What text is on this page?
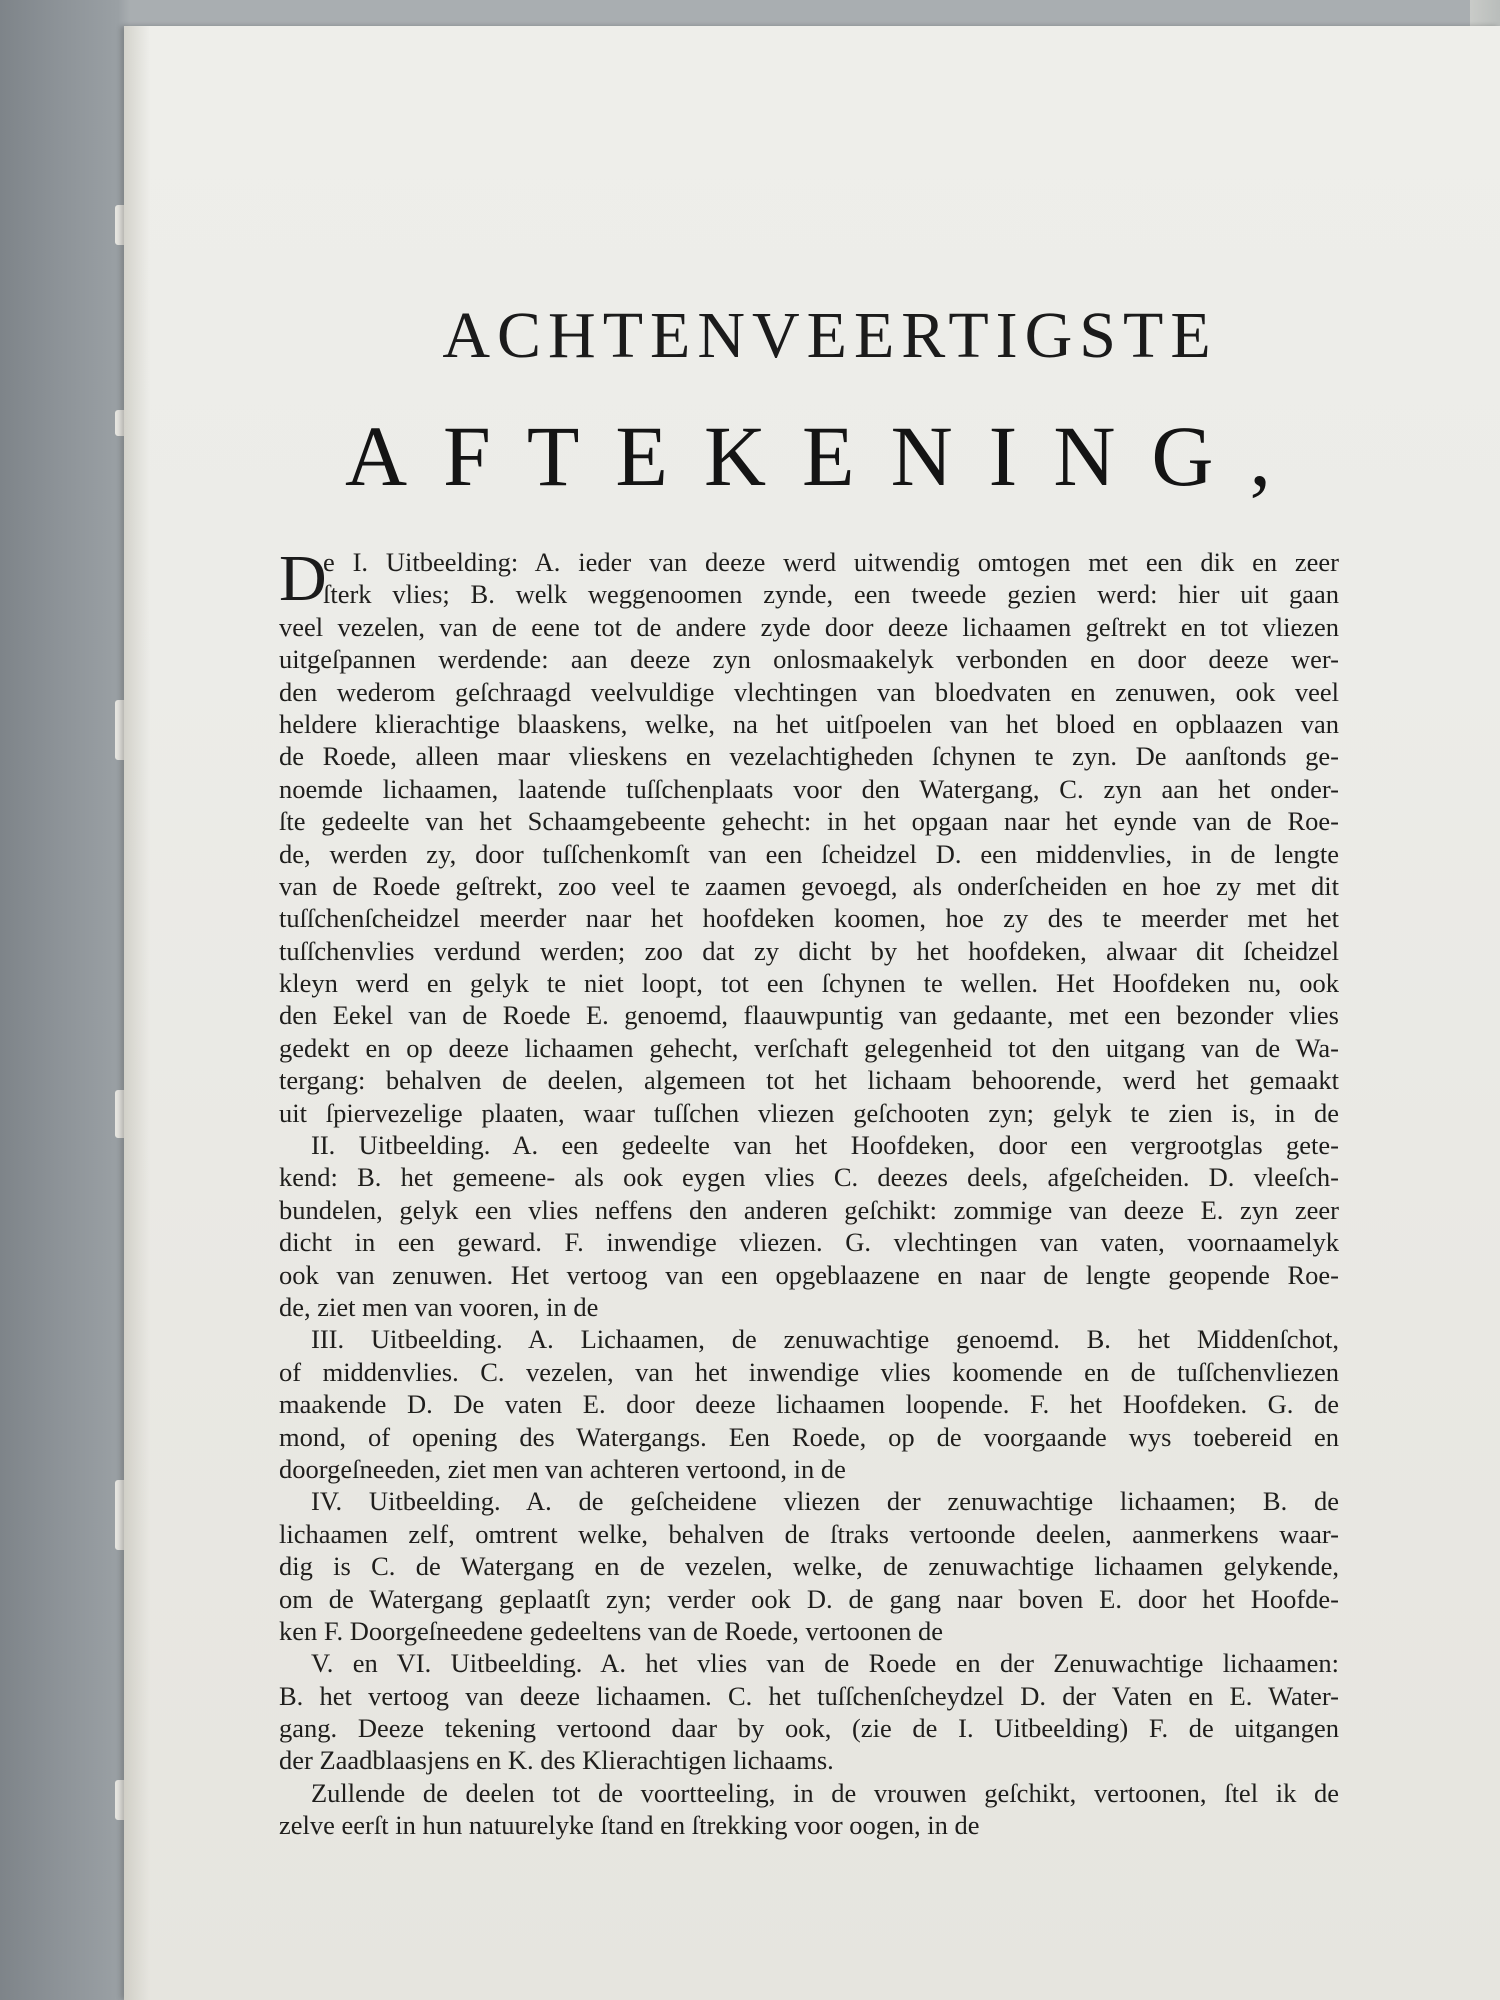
ACHTENVEERTIGSTE
AFTEKENING,
D
e I. Uitbeelding: A. ieder van deeze werd uitwendig omtogen met een dik en zeer
ſterk vlies; B. welk weggenoomen zynde, een tweede gezien werd: hier uit gaan
veel vezelen, van de eene tot de andere zyde door deeze lichaamen geſtrekt en tot vliezen
uitgeſpannen werdende: aan deeze zyn onlosmaakelyk verbonden en door deeze wer-
den wederom geſchraagd veelvuldige vlechtingen van bloedvaten en zenuwen, ook veel
heldere klierachtige blaaskens, welke, na het uitſpoelen van het bloed en opblaazen van
de Roede, alleen maar vlieskens en vezelachtigheden ſchynen te zyn. De aanſtonds ge-
noemde lichaamen, laatende tuſſchenplaats voor den Watergang, C. zyn aan het onder-
ſte gedeelte van het Schaamgebeente gehecht: in het opgaan naar het eynde van de Roe-
de, werden zy, door tuſſchenkomſt van een ſcheidzel D. een middenvlies, in de lengte
van de Roede geſtrekt, zoo veel te zaamen gevoegd, als onderſcheiden en hoe zy met dit
tuſſchenſcheidzel meerder naar het hoofdeken koomen, hoe zy des te meerder met het
tuſſchenvlies verdund werden; zoo dat zy dicht by het hoofdeken, alwaar dit ſcheidzel
kleyn werd en gelyk te niet loopt, tot een ſchynen te wellen. Het Hoofdeken nu, ook
den Eekel van de Roede E. genoemd, flaauwpuntig van gedaante, met een bezonder vlies
gedekt en op deeze lichaamen gehecht, verſchaft gelegenheid tot den uitgang van de Wa-
tergang: behalven de deelen, algemeen tot het lichaam behoorende, werd het gemaakt
uit ſpiervezelige plaaten, waar tuſſchen vliezen geſchooten zyn; gelyk te zien is, in de
II. Uitbeelding. A. een gedeelte van het Hoofdeken, door een vergrootglas gete-
kend: B. het gemeene- als ook eygen vlies C. deezes deels, afgeſcheiden. D. vleeſch-
bundelen, gelyk een vlies neffens den anderen geſchikt: zommige van deeze E. zyn zeer
dicht in een geward. F. inwendige vliezen. G. vlechtingen van vaten, voornaamelyk
ook van zenuwen. Het vertoog van een opgeblaazene en naar de lengte geopende Roe-
de, ziet men van vooren, in de
III. Uitbeelding. A. Lichaamen, de zenuwachtige genoemd. B. het Middenſchot,
of middenvlies. C. vezelen, van het inwendige vlies koomende en de tuſſchenvliezen
maakende D. De vaten E. door deeze lichaamen loopende. F. het Hoofdeken. G. de
mond, of opening des Watergangs. Een Roede, op de voorgaande wys toebereid en
doorgeſneeden, ziet men van achteren vertoond, in de
IV. Uitbeelding. A. de geſcheidene vliezen der zenuwachtige lichaamen; B. de
lichaamen zelf, omtrent welke, behalven de ſtraks vertoonde deelen, aanmerkens waar-
dig is C. de Watergang en de vezelen, welke, de zenuwachtige lichaamen gelykende,
om de Watergang geplaatſt zyn; verder ook D. de gang naar boven E. door het Hoofde-
ken F. Doorgeſneedene gedeeltens van de Roede, vertoonen de
V. en VI. Uitbeelding. A. het vlies van de Roede en der Zenuwachtige lichaamen:
B. het vertoog van deeze lichaamen. C. het tuſſchenſcheydzel D. der Vaten en E. Water-
gang. Deeze tekening vertoond daar by ook, (zie de I. Uitbeelding) F. de uitgangen
der Zaadblaasjens en K. des Klierachtigen lichaams.
Zullende de deelen tot de voortteeling, in de vrouwen geſchikt, vertoonen, ſtel ik de
zelve eerſt in hun natuurelyke ſtand en ſtrekking voor oogen, in de
